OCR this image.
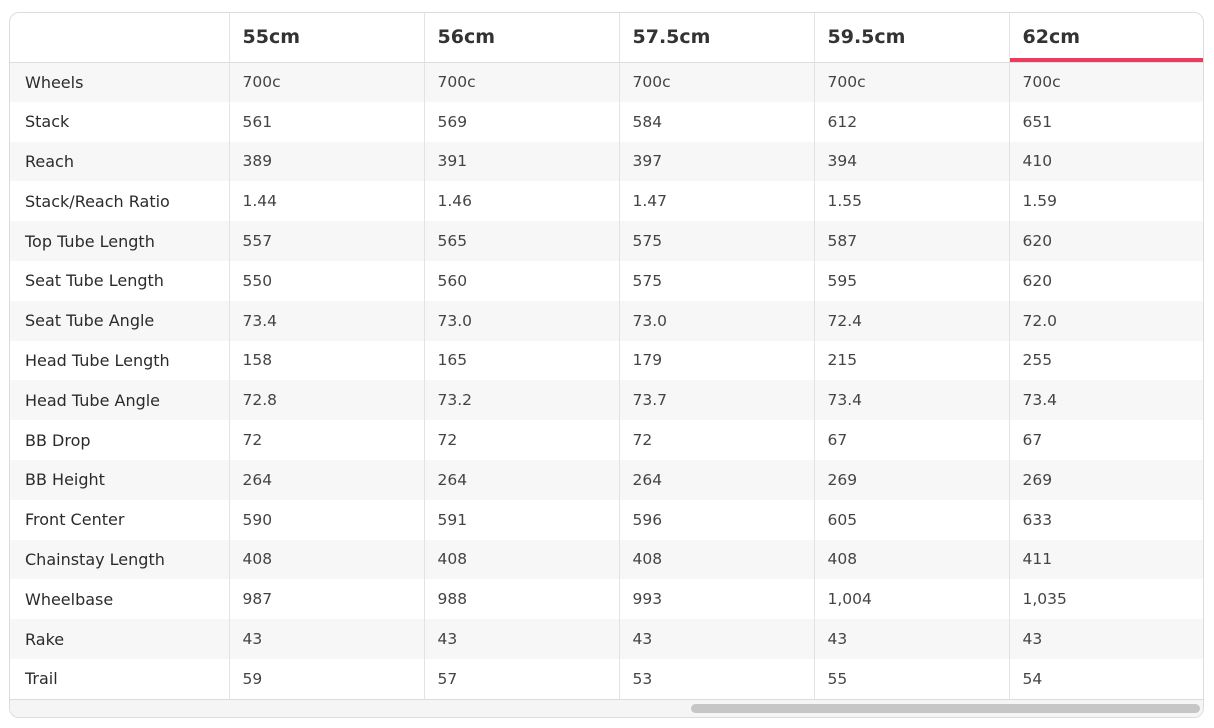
	55cm	56cm	57.5cm	59.5cm	62cm
Wheels	700c	700c	700c	700c	700c
Stack	561	569	584	612	651
Reach	389	391	397	394	410
Stack/Reach Ratio	1.44	1.46	1.47	1.55	1.59
Top Tube Length	557	565	575	587	620
Seat Tube Length	550	560	575	595	620
Seat Tube Angle	73.4	73.0	73.0	72.4	72.0
Head Tube Length	158	165	179	215	255
Head Tube Angle	72.8	73.2	73.7	73.4	73.4
BB Drop	72	72	72	67	67
BB Height	264	264	264	269	269
Front Center	590	591	596	605	633
Chainstay Length	408	408	408	408	411
Wheelbase	987	988	993	1,004	1,035
Rake	43	43	43	43	43
Trail	59	57	53	55	54
